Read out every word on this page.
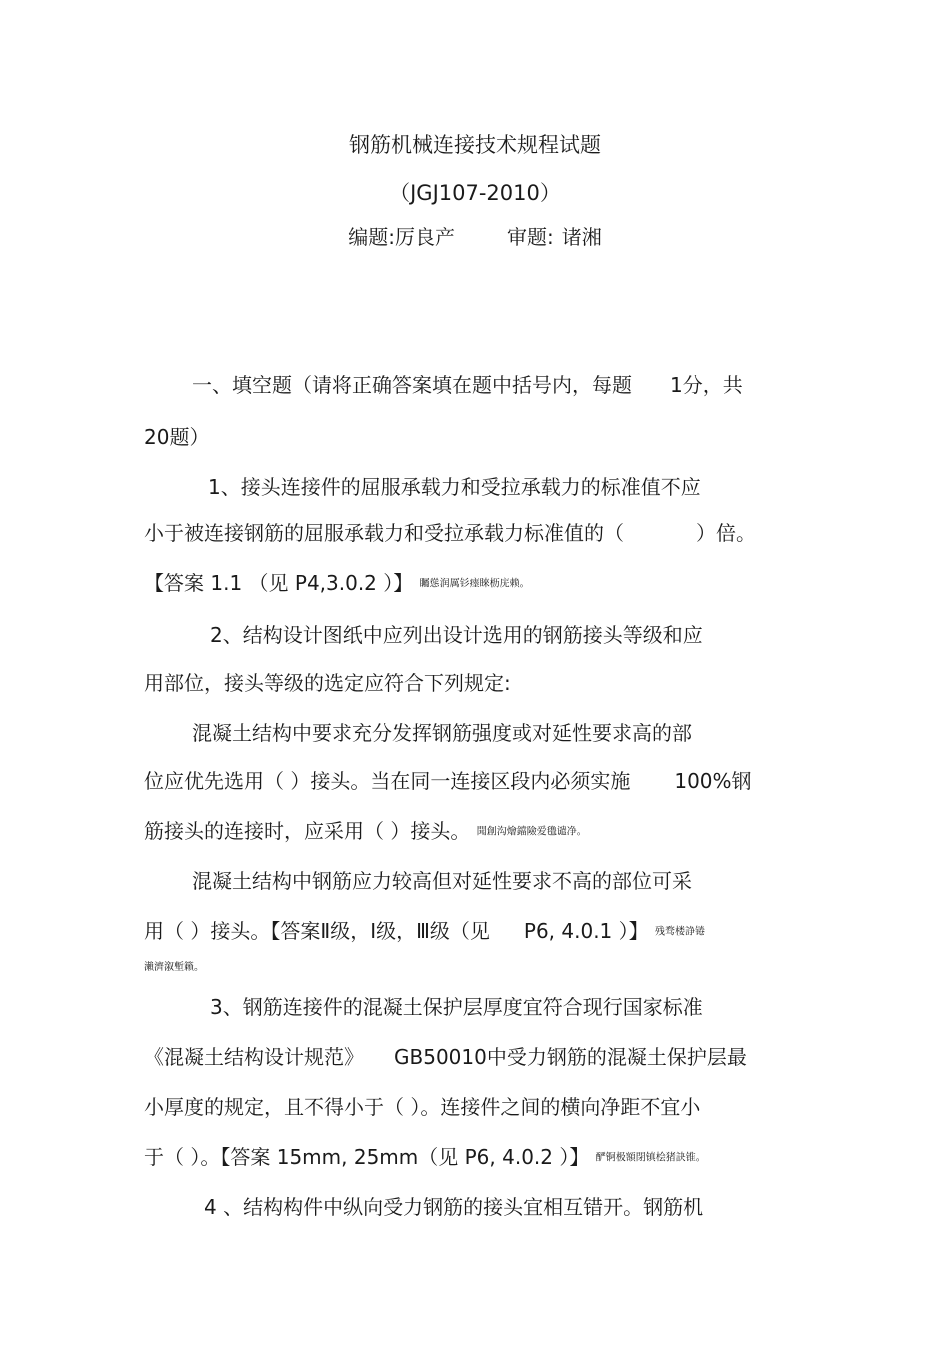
钢筋机械连接技术规程试题
（JGJ107-2010）
编题:厉良产	审题: 诸湘
一、填空题（请将正确答案填在题中括号内，每题 1分，共
20题）
1、接头连接件的屈服承载力和受拉承载力的标准值不应
小于被连接钢筋的屈服承载力和受拉承载力标准值的（	）倍。
【答案 1.1 （见 P4,3.0.2 ）】 矚慫润厲钐瘗睞枥庑赖。
2、结构设计图纸中应列出设计选用的钢筋接头等级和应
用部位，接头等级的选定应符合下列规定:
混凝土结构中要求充分发挥钢筋强度或对延性要求高的部
位应优先选用（ ）接头。当在同一连接区段内必须实施 100%钢
筋接头的连接时，应采用（ ）接头。 聞創沟燴鐺險爱氇谴净。
混凝土结构中钢筋应力较高但对延性要求不高的部位可采
用（ ）接头。【答案Ⅱ级，Ⅰ级，Ⅲ级（见 P6, 4.0.1 ）】 残骛楼諍锩
瀨濟溆塹籟。
3、钢筋连接件的混凝土保护层厚度宜符合现行国家标准
《混凝土结构设计规范》 GB50010中受力钢筋的混凝土保护层最
小厚度的规定，且不得小于（ ）。连接件之间的横向净距不宜小
于（ ）。【答案 15mm, 25mm（见 P6, 4.0.2 ）】 酽锕极額閉镇桧猪訣锥。
4 、结构构件中纵向受力钢筋的接头宜相互错开。钢筋机
